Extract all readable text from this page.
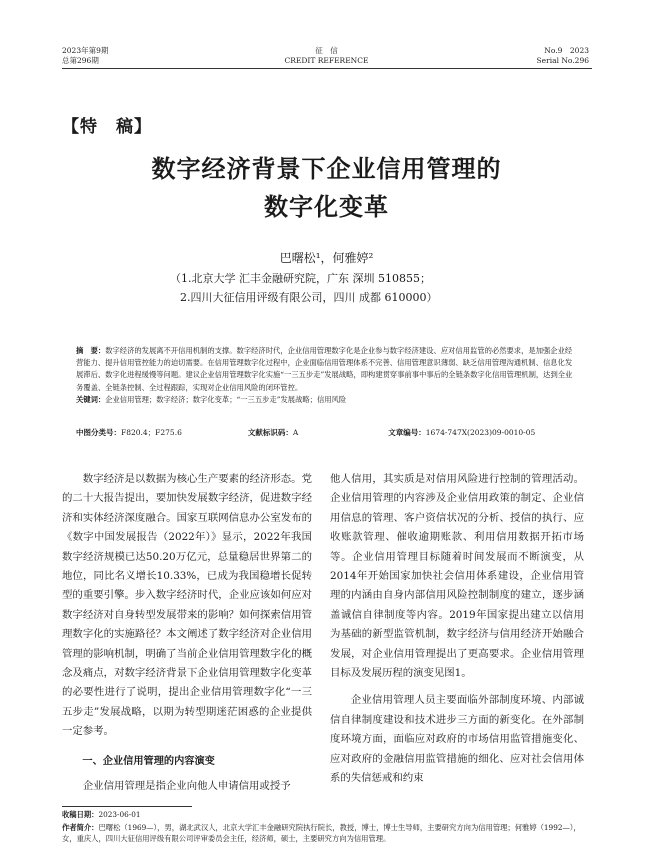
2023年第9期
总第296期
征　信
CREDIT REFERENCE
No.9　2023
Serial No.296
【特　稿】
数字经济背景下企业信用管理的
数字化变革
巴曙松¹，何雅婷²
（1.北京大学 汇丰金融研究院，广东 深圳 510855；
2.四川大征信用评级有限公司，四川 成都 610000）
摘　要：数字经济的发展离不开信用机制的支撑。数字经济时代，企业信用管理数字化是企业参与数字经济建设、应对信用监管的必然要求，是加强企业经营能力、提升信用管控能力的迫切需要。在信用管理数字化过程中，企业面临信用管理体系不完善、信用管理意识薄弱、缺乏信用管理沟通机制、信息化发展滞后、数字化进程缓慢等问题。建议企业信用管理数字化实施“一三五步走”发展战略，即构建贯穿事前事中事后的全链条数字化信用管理机制，达到全业务覆盖、全链条控制、全过程跟踪，实现对企业信用风险的闭环管控。
关键词：企业信用管理；数字经济；数字化变革；“一三五步走”发展战略；信用风险
中图分类号：F820.4；F275.6	文献标识码：A	文章编号：1674-747X(2023)09-0010-05

数字经济是以数据为核心生产要素的经济形态。党的二十大报告提出，要加快发展数字经济，促进数字经济和实体经济深度融合。国家互联网信息办公室发布的《数字中国发展报告（2022年）》显示，2022年我国数字经济规模已达50.20万亿元，总量稳居世界第二的地位，同比名义增长10.33%，已成为我国稳增长促转型的重要引擎。步入数字经济时代，企业应该如何应对数字经济对自身转型发展带来的影响？如何探索信用管理数字化的实施路径？本文阐述了数字经济对企业信用管理的影响机制，明确了当前企业信用管理数字化的概念及痛点，对数字经济背景下企业信用管理数字化变革的必要性进行了说明，提出企业信用管理数字化“一三五步走”发展战略，以期为转型期迷茫困惑的企业提供一定参考。

一、企业信用管理的内容演变

企业信用管理是指企业向他人申请信用或授予

他人信用，其实质是对信用风险进行控制的管理活动。企业信用管理的内容涉及企业信用政策的制定、企业信用信息的管理、客户资信状况的分析、授信的执行、应收账款管理、催收逾期账款、利用信用数据开拓市场等。企业信用管理目标随着时间发展而不断演变，从2014年开始国家加快社会信用体系建设，企业信用管理的内涵由自身内部信用风险控制制度的建立，逐步涵盖诚信自律制度等内容。2019年国家提出建立以信用为基础的新型监管机制，数字经济与信用经济开始融合发展，对企业信用管理提出了更高要求。企业信用管理目标及发展历程的演变见图1。

企业信用管理人员主要面临外部制度环境、内部诚信自律制度建设和技术进步三方面的新变化。在外部制度环境方面，面临应对政府的市场信用监管措施变化、应对政府的金融信用监管措施的细化、应对社会信用体系的失信惩戒和约束

收稿日期：2023-06-01
作者简介：巴曙松（1969—），男，湖北武汉人，北京大学汇丰金融研究院执行院长，教授，博士，博士生导师，主要研究方向为信用管理；何雅婷（1992—），女，重庆人，四川大征信用评级有限公司评审委员会主任，经济师，硕士，主要研究方向为信用管理。
